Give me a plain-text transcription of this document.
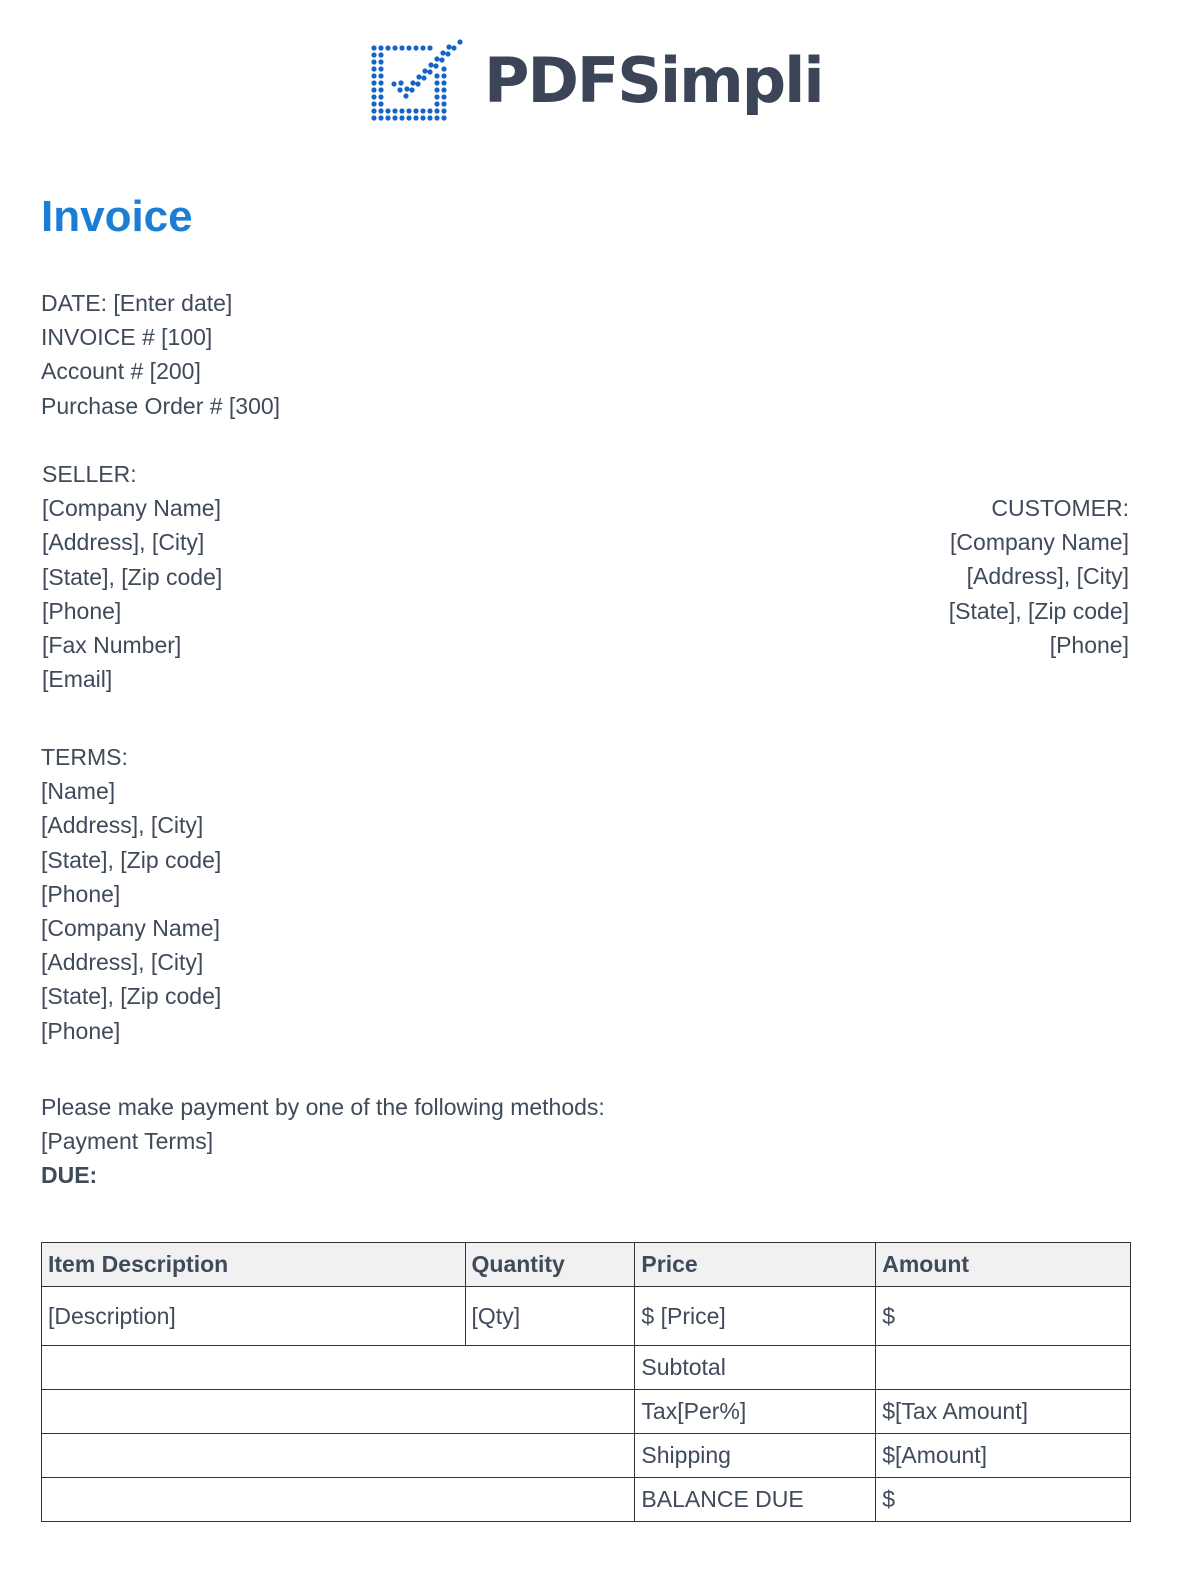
PDFSimpli
Invoice
DATE: [Enter date]
INVOICE # [100]
Account # [200]
Purchase Order # [300]
SELLER:
[Company Name]
[Address], [City]
[State], [Zip code]
[Phone]
[Fax Number]
[Email]
CUSTOMER:
[Company Name]
[Address], [City]
[State], [Zip code]
[Phone]
TERMS:
[Name]
[Address], [City]
[State], [Zip code]
[Phone]
[Company Name]
[Address], [City]
[State], [Zip code]
[Phone]
Please make payment by one of the following methods:
[Payment Terms]
DUE:
Item Description	Quantity	Price	Amount
[Description]	[Qty]	$ [Price]	$
		Subtotal	
		Tax[Per%]	$[Tax Amount]
		Shipping	$[Amount]
		BALANCE DUE	$
